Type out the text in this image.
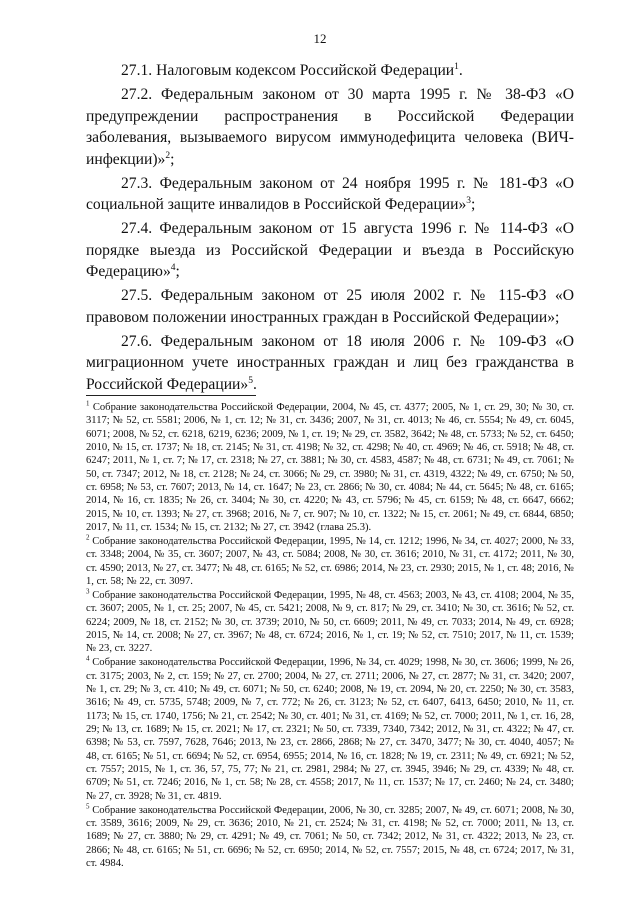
12

27.1. Налоговым кодексом Российской Федерации$^1$.

27.2. Федеральным законом от 30 марта 1995 г. № 38-ФЗ «О предупреждении распространения в Российской Федерации заболевания, вызываемого вирусом иммунодефицита человека (ВИЧ-инфекции)»$^2$;

27.3. Федеральным законом от 24 ноября 1995 г. № 181-ФЗ «О социальной защите инвалидов в Российской Федерации»$^3$;

27.4. Федеральным законом от 15 августа 1996 г. № 114-ФЗ «О порядке выезда из Российской Федерации и въезда в Российскую Федерацию»$^4$;

27.5. Федеральным законом от 25 июля 2002 г. № 115-ФЗ «О правовом положении иностранных граждан в Российской Федерации»;

27.6. Федеральным законом от 18 июля 2006 г. № 109-ФЗ «О миграционном учете иностранных граждан и лиц без гражданства в Российской Федерации»$^5$.

$^1$ Собрание законодательства Российской Федерации, 2004, № 45, ст. 4377; 2005, № 1, ст. 29, 30; № 30, ст. 3117; № 52, ст. 5581; 2006, № 1, ст. 12; № 31, ст. 3436; 2007, № 31, ст. 4013; № 46, ст. 5554; № 49, ст. 6045, 6071; 2008, № 52, ст. 6218, 6219, 6236; 2009, № 1, ст. 19; № 29, ст. 3582, 3642; № 48, ст. 5733; № 52, ст. 6450; 2010, № 15, ст. 1737; № 18, ст. 2145; № 31, ст. 4198; № 32, ст. 4298; № 40, ст. 4969; № 46, ст. 5918; № 48, ст. 6247; 2011, № 1, ст. 7; № 17, ст. 2318; № 27, ст. 3881; № 30, ст. 4583, 4587; № 48, ст. 6731; № 49, ст. 7061; № 50, ст. 7347; 2012, № 18, ст. 2128; № 24, ст. 3066; № 29, ст. 3980; № 31, ст. 4319, 4322; № 49, ст. 6750; № 50, ст. 6958; № 53, ст. 7607; 2013, № 14, ст. 1647; № 23, ст. 2866; № 30, ст. 4084; № 44, ст. 5645; № 48, ст. 6165; 2014, № 16, ст. 1835; № 26, ст. 3404; № 30, ст. 4220; № 43, ст. 5796; № 45, ст. 6159; № 48, ст. 6647, 6662; 2015, № 10, ст. 1393; № 27, ст. 3968; 2016, № 7, ст. 907; № 10, ст. 1322; № 15, ст. 2061; № 49, ст. 6844, 6850; 2017, № 11, ст. 1534; № 15, ст. 2132; № 27, ст. 3942 (глава 25.3).

$^2$ Собрание законодательства Российской Федерации, 1995, № 14, ст. 1212; 1996, № 34, ст. 4027; 2000, № 33, ст. 3348; 2004, № 35, ст. 3607; 2007, № 43, ст. 5084; 2008, № 30, ст. 3616; 2010, № 31, ст. 4172; 2011, № 30, ст. 4590; 2013, № 27, ст. 3477; № 48, ст. 6165; № 52, ст. 6986; 2014, № 23, ст. 2930; 2015, № 1, ст. 48; 2016, № 1, ст. 58; № 22, ст. 3097.

$^3$ Собрание законодательства Российской Федерации, 1995, № 48, ст. 4563; 2003, № 43, ст. 4108; 2004, № 35, ст. 3607; 2005, № 1, ст. 25; 2007, № 45, ст. 5421; 2008, № 9, ст. 817; № 29, ст. 3410; № 30, ст. 3616; № 52, ст. 6224; 2009, № 18, ст. 2152; № 30, ст. 3739; 2010, № 50, ст. 6609; 2011, № 49, ст. 7033; 2014, № 49, ст. 6928; 2015, № 14, ст. 2008; № 27, ст. 3967; № 48, ст. 6724; 2016, № 1, ст. 19; № 52, ст. 7510; 2017, № 11, ст. 1539; № 23, ст. 3227.

$^4$ Собрание законодательства Российской Федерации, 1996, № 34, ст. 4029; 1998, № 30, ст. 3606; 1999, № 26, ст. 3175; 2003, № 2, ст. 159; № 27, ст. 2700; 2004, № 27, ст. 2711; 2006, № 27, ст. 2877; № 31, ст. 3420; 2007, № 1, ст. 29; № 3, ст. 410; № 49, ст. 6071; № 50, ст. 6240; 2008, № 19, ст. 2094, № 20, ст. 2250; № 30, ст. 3583, 3616; № 49, ст. 5735, 5748; 2009, № 7, ст. 772; № 26, ст. 3123; № 52, ст. 6407, 6413, 6450; 2010, № 11, ст. 1173; № 15, ст. 1740, 1756; № 21, ст. 2542; № 30, ст. 401; № 31, ст. 4169; № 52, ст. 7000; 2011, № 1, ст. 16, 28, 29; № 13, ст. 1689; № 15, ст. 2021; № 17, ст. 2321; № 50, ст. 7339, 7340, 7342; 2012, № 31, ст. 4322; № 47, ст. 6398; № 53, ст. 7597, 7628, 7646; 2013, № 23, ст. 2866, 2868; № 27, ст. 3470, 3477; № 30, ст. 4040, 4057; № 48, ст. 6165; № 51, ст. 6694; № 52, ст. 6954, 6955; 2014, № 16, ст. 1828; № 19, ст. 2311; № 49, ст. 6921; № 52, ст. 7557; 2015, № 1, ст. 36, 57, 75, 77; № 21, ст. 2981, 2984; № 27, ст. 3945, 3946; № 29, ст. 4339; № 48, ст. 6709; № 51, ст. 7246; 2016, № 1, ст. 58; № 28, ст. 4558; 2017, № 11, ст. 1537; № 17, ст. 2460; № 24, ст. 3480; № 27, ст. 3928; № 31, ст. 4819.

$^5$ Собрание законодательства Российской Федерации, 2006, № 30, ст. 3285; 2007, № 49, ст. 6071; 2008, № 30, ст. 3589, 3616; 2009, № 29, ст. 3636; 2010, № 21, ст. 2524; № 31, ст. 4198; № 52, ст. 7000; 2011, № 13, ст. 1689; № 27, ст. 3880; № 29, ст. 4291; № 49, ст. 7061; № 50, ст. 7342; 2012, № 31, ст. 4322; 2013, № 23, ст. 2866; № 48, ст. 6165; № 51, ст. 6696; № 52, ст. 6950; 2014, № 52, ст. 7557; 2015, № 48, ст. 6724; 2017, № 31, ст. 4984.
